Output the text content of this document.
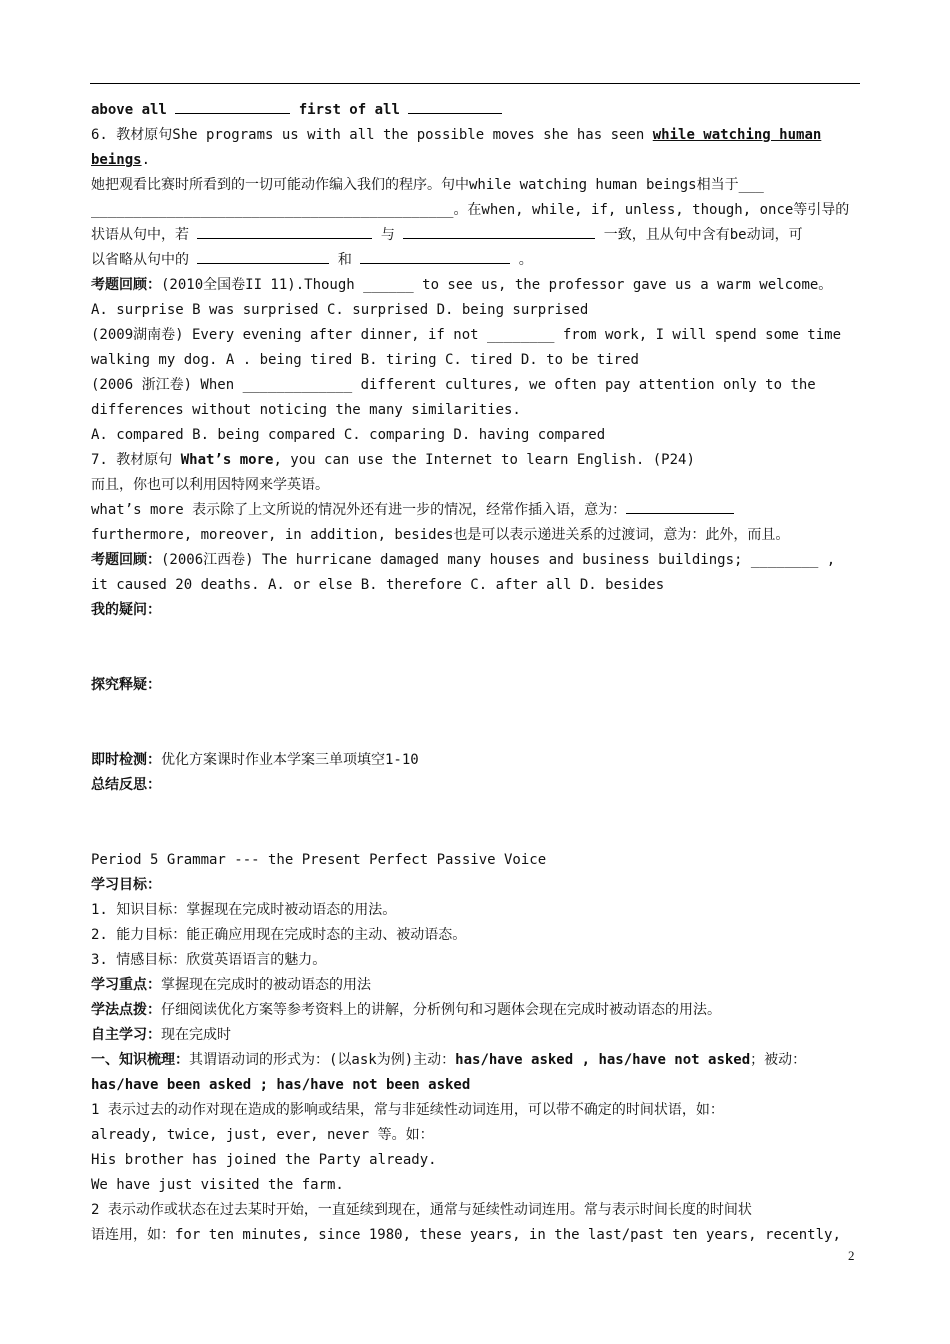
above all	first of all
6. 教材原句She programs us with all the possible moves she has seen while watching human
beings.
她把观看比赛时所看到的一切可能动作编入我们的程序。句中while watching human beings相当于___
___________________________________________。在when, while, if, unless, though, once等引导的
状语从句中，若	与	一致，且从句中含有be动词，可
以省略从句中的	和	。
考题回顾：(2010全国卷II 11).Though ______ to see us, the professor gave us a warm welcome。
A. surprise B was surprised C. surprised D. being surprised
(2009湖南卷) Every evening after dinner, if not ________ from work, I will spend some time
walking my dog. A . being tired B. tiring C. tired D. to be tired
(2006 浙江卷) When _____________ different cultures, we often pay attention only to the
differences without noticing the many similarities.
A. compared B. being compared C. comparing D. having compared
7. 教材原句 What’s more, you can use the Internet to learn English. (P24)
而且，你也可以利用因特网来学英语。
what’s more 表示除了上文所说的情况外还有进一步的情况，经常作插入语，意为：
furthermore, moreover, in addition, besides也是可以表示递进关系的过渡词，意为：此外，而且。
考题回顾：(2006江西卷) The hurricane damaged many houses and business buildings; ________ ,
it caused 20 deaths. A. or else B. therefore C. after all D. besides
我的疑问：
探究释疑：
即时检测：优化方案课时作业本学案三单项填空1-10
总结反思：
Period 5 Grammar --- the Present Perfect Passive Voice
学习目标：
1. 知识目标：掌握现在完成时被动语态的用法。
2. 能力目标：能正确应用现在完成时态的主动、被动语态。
3. 情感目标：欣赏英语语言的魅力。
学习重点：掌握现在完成时的被动语态的用法
学法点拨：仔细阅读优化方案等参考资料上的讲解，分析例句和习题体会现在完成时被动语态的用法。
自主学习：现在完成时
一、知识梳理：其谓语动词的形式为：(以ask为例)主动：has/have asked , has/have not asked；被动：
has/have been asked ; has/have not been asked
1 表示过去的动作对现在造成的影响或结果，常与非延续性动词连用，可以带不确定的时间状语，如：
already, twice, just, ever, never 等。如：
His brother has joined the Party already.
We have just visited the farm.
2 表示动作或状态在过去某时开始，一直延续到现在，通常与延续性动词连用。常与表示时间长度的时间状
语连用，如：for ten minutes, since 1980, these years, in the last/past ten years, recently,
2
